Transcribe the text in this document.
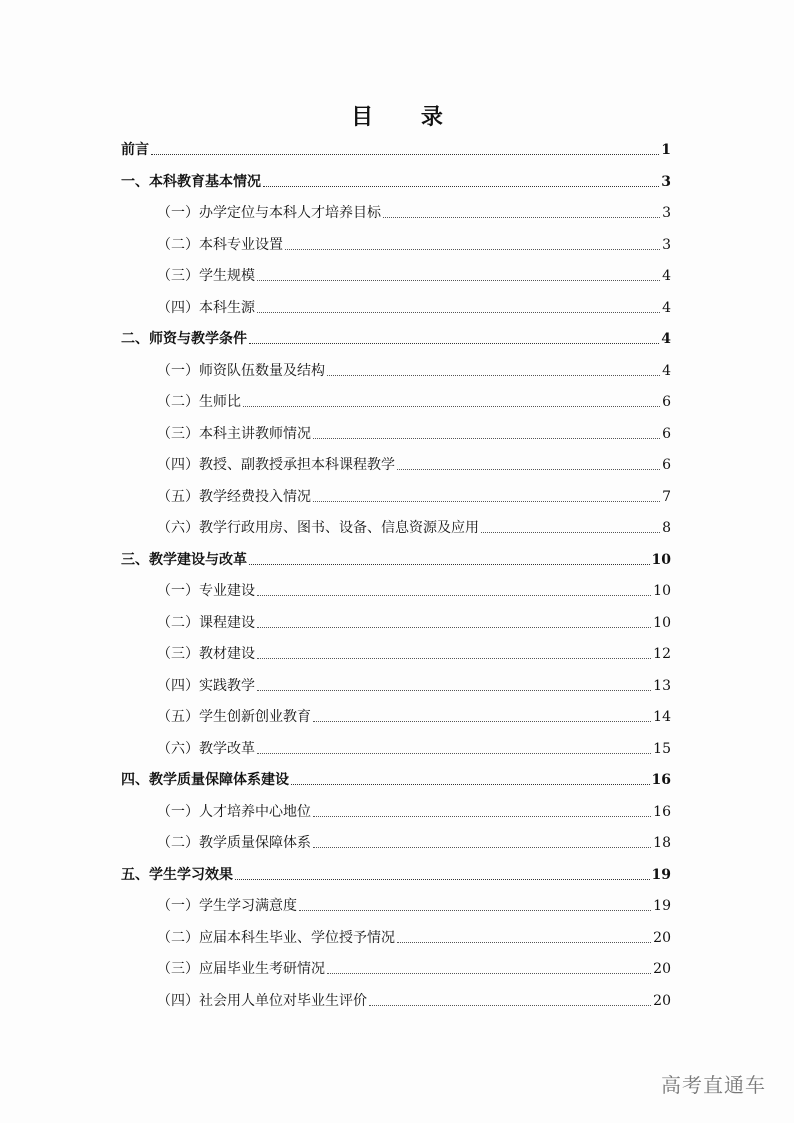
目 录
前言	1
一、本科教育基本情况	3
（一）办学定位与本科人才培养目标	3
（二）本科专业设置	3
（三）学生规模	4
（四）本科生源	4
二、师资与教学条件	4
（一）师资队伍数量及结构	4
（二）生师比	6
（三）本科主讲教师情况	6
（四）教授、副教授承担本科课程教学	6
（五）教学经费投入情况	7
（六）教学行政用房、图书、设备、信息资源及应用	8
三、教学建设与改革	10
（一）专业建设	10
（二）课程建设	10
（三）教材建设	12
（四）实践教学	13
（五）学生创新创业教育	14
（六）教学改革	15
四、教学质量保障体系建设	16
（一）人才培养中心地位	16
（二）教学质量保障体系	18
五、学生学习效果	19
（一）学生学习满意度	19
（二）应届本科生毕业、学位授予情况	20
（三）应届毕业生考研情况	20
（四）社会用人单位对毕业生评价	20
高考直通车
